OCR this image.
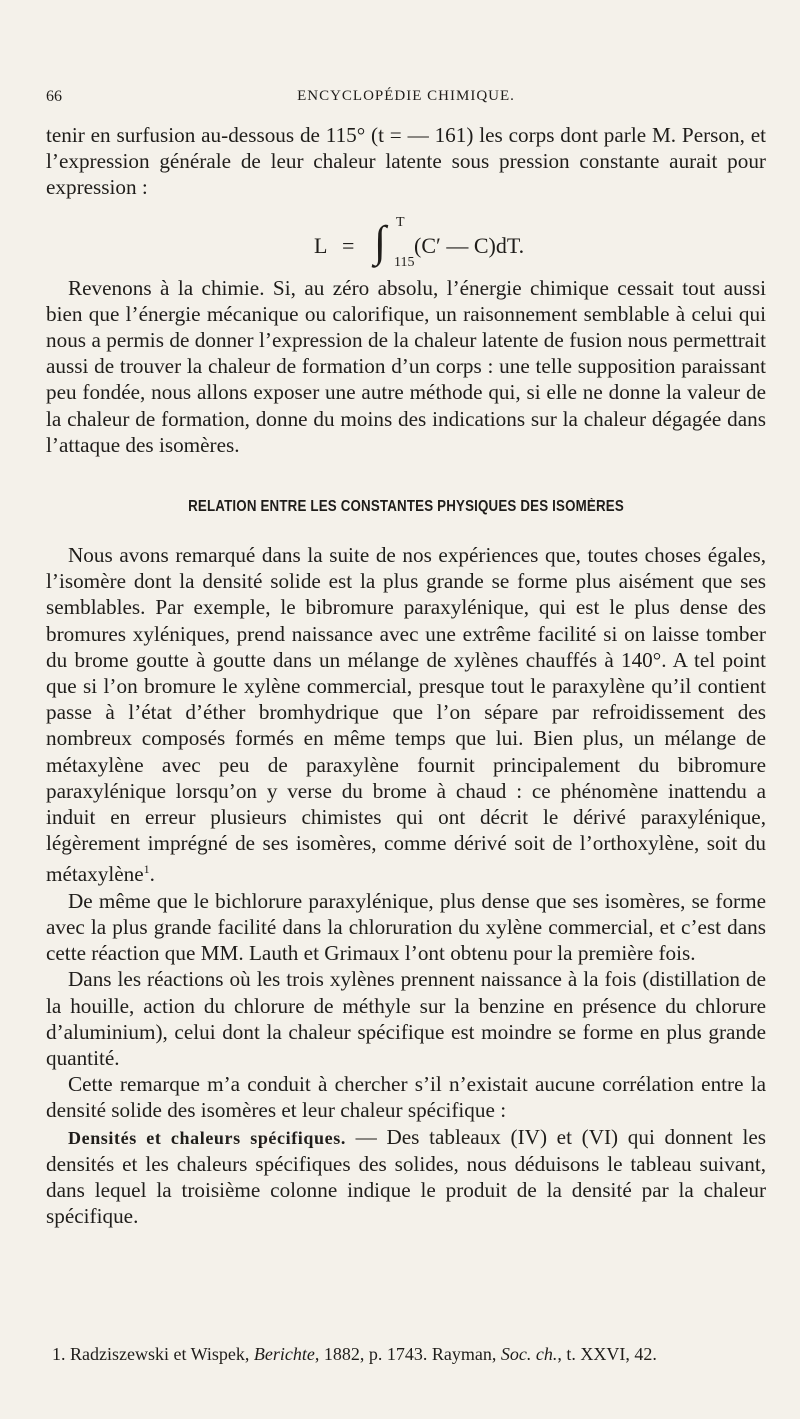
66	ENCYCLOPÉDIE CHIMIQUE.

tenir en surfusion au-dessous de 115° (t = — 161) les corps dont parle M. Person, et l’expression générale de leur chaleur latente sous pression constante aurait pour expression :

L = ∫ T
115
(C′ — C)dT.

Revenons à la chimie. Si, au zéro absolu, l’énergie chimique cessait tout aussi bien que l’énergie mécanique ou calorifique, un raisonnement semblable à celui qui nous a permis de donner l’expression de la chaleur latente de fusion nous permettrait aussi de trouver la chaleur de formation d’un corps : une telle supposition paraissant peu fondée, nous allons exposer une autre méthode qui, si elle ne donne la valeur de la chaleur de formation, donne du moins des indications sur la chaleur dégagée dans l’attaque des isomères.

RELATION ENTRE LES CONSTANTES PHYSIQUES DES ISOMÈRES

Nous avons remarqué dans la suite de nos expériences que, toutes choses égales, l’isomère dont la densité solide est la plus grande se forme plus aisément que ses semblables. Par exemple, le bibromure paraxylénique, qui est le plus dense des bromures xyléniques, prend naissance avec une extrême facilité si on laisse tomber du brome goutte à goutte dans un mélange de xylènes chauffés à 140°. A tel point que si l’on bromure le xylène commercial, presque tout le paraxylène qu’il contient passe à l’état d’éther bromhydrique que l’on sépare par refroidissement des nombreux composés formés en même temps que lui. Bien plus, un mélange de métaxylène avec peu de paraxylène fournit principalement du bibromure paraxylénique lorsqu’on y verse du brome à chaud : ce phénomène inattendu a induit en erreur plusieurs chimistes qui ont décrit le dérivé paraxylénique, légèrement imprégné de ses isomères, comme dérivé soit de l’orthoxylène, soit du métaxylène$^1$.

De même que le bichlorure paraxylénique, plus dense que ses isomères, se forme avec la plus grande facilité dans la chloruration du xylène commercial, et c’est dans cette réaction que MM. Lauth et Grimaux l’ont obtenu pour la première fois.

Dans les réactions où les trois xylènes prennent naissance à la fois (distillation de la houille, action du chlorure de méthyle sur la benzine en présence du chlorure d’aluminium), celui dont la chaleur spécifique est moindre se forme en plus grande quantité.

Cette remarque m’a conduit à chercher s’il n’existait aucune corrélation entre la densité solide des isomères et leur chaleur spécifique :

Densités et chaleurs spécifiques. — Des tableaux (IV) et (VI) qui donnent les densités et les chaleurs spécifiques des solides, nous déduisons le tableau suivant, dans lequel la troisième colonne indique le produit de la densité par la chaleur spécifique.

1. Radziszewski et Wispek, Berichte, 1882, p. 1743. Rayman, Soc. ch., t. XXVI, 42.
